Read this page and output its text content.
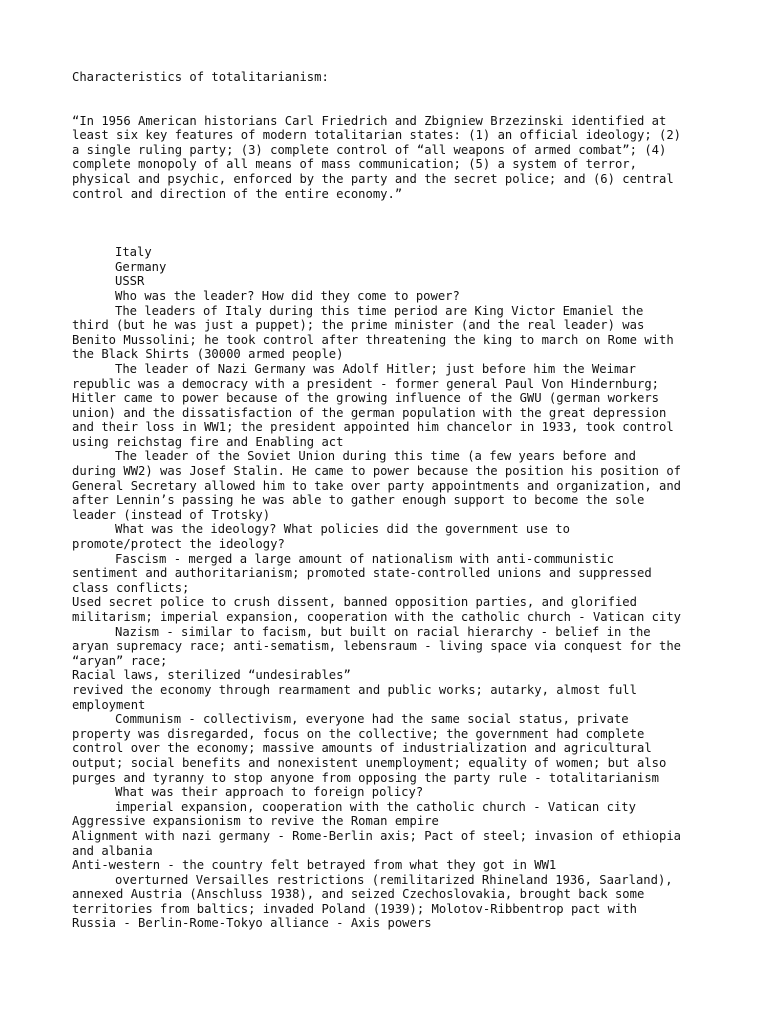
Characteristics of totalitarianism:
“In 1956 American historians Carl Friedrich and Zbigniew Brzezinski identified at
least six key features of modern totalitarian states: (1) an official ideology; (2)
a single ruling party; (3) complete control of “all weapons of armed combat”; (4)
complete monopoly of all means of mass communication; (5) a system of terror,
physical and psychic, enforced by the party and the secret police; and (6) central
control and direction of the entire economy.”
Italy
Germany
USSR
Who was the leader? How did they come to power?
The leaders of Italy during this time period are King Victor Emaniel the
third (but he was just a puppet); the prime minister (and the real leader) was
Benito Mussolini; he took control after threatening the king to march on Rome with
the Black Shirts (30000 armed people)
The leader of Nazi Germany was Adolf Hitler; just before him the Weimar
republic was a democracy with a president - former general Paul Von Hindernburg;
Hitler came to power because of the growing influence of the GWU (german workers
union) and the dissatisfaction of the german population with the great depression
and their loss in WW1; the president appointed him chancelor in 1933, took control
using reichstag fire and Enabling act
The leader of the Soviet Union during this time (a few years before and
during WW2) was Josef Stalin. He came to power because the position his position of
General Secretary allowed him to take over party appointments and organization, and
after Lennin’s passing he was able to gather enough support to become the sole
leader (instead of Trotsky)
What was the ideology? What policies did the government use to
promote/protect the ideology?
Fascism - merged a large amount of nationalism with anti-communistic
sentiment and authoritarianism; promoted state-controlled unions and suppressed
class conflicts;
Used secret police to crush dissent, banned opposition parties, and glorified
militarism; imperial expansion, cooperation with the catholic church - Vatican city
Nazism - similar to facism, but built on racial hierarchy - belief in the
aryan supremacy race; anti-sematism, lebensraum - living space via conquest for the
“aryan” race;
Racial laws, sterilized “undesirables”
revived the economy through rearmament and public works; autarky, almost full
employment
Communism - collectivism, everyone had the same social status, private
property was disregarded, focus on the collective; the government had complete
control over the economy; massive amounts of industrialization and agricultural
output; social benefits and nonexistent unemployment; equality of women; but also
purges and tyranny to stop anyone from opposing the party rule - totalitarianism
What was their approach to foreign policy?
imperial expansion, cooperation with the catholic church - Vatican city
Aggressive expansionism to revive the Roman empire
Alignment with nazi germany - Rome-Berlin axis; Pact of steel; invasion of ethiopia
and albania
Anti-western - the country felt betrayed from what they got in WW1
overturned Versailles restrictions (remilitarized Rhineland 1936, Saarland),
annexed Austria (Anschluss 1938), and seized Czechoslovakia, brought back some
territories from baltics; invaded Poland (1939); Molotov-Ribbentrop pact with
Russia - Berlin-Rome-Tokyo alliance - Axis powers
